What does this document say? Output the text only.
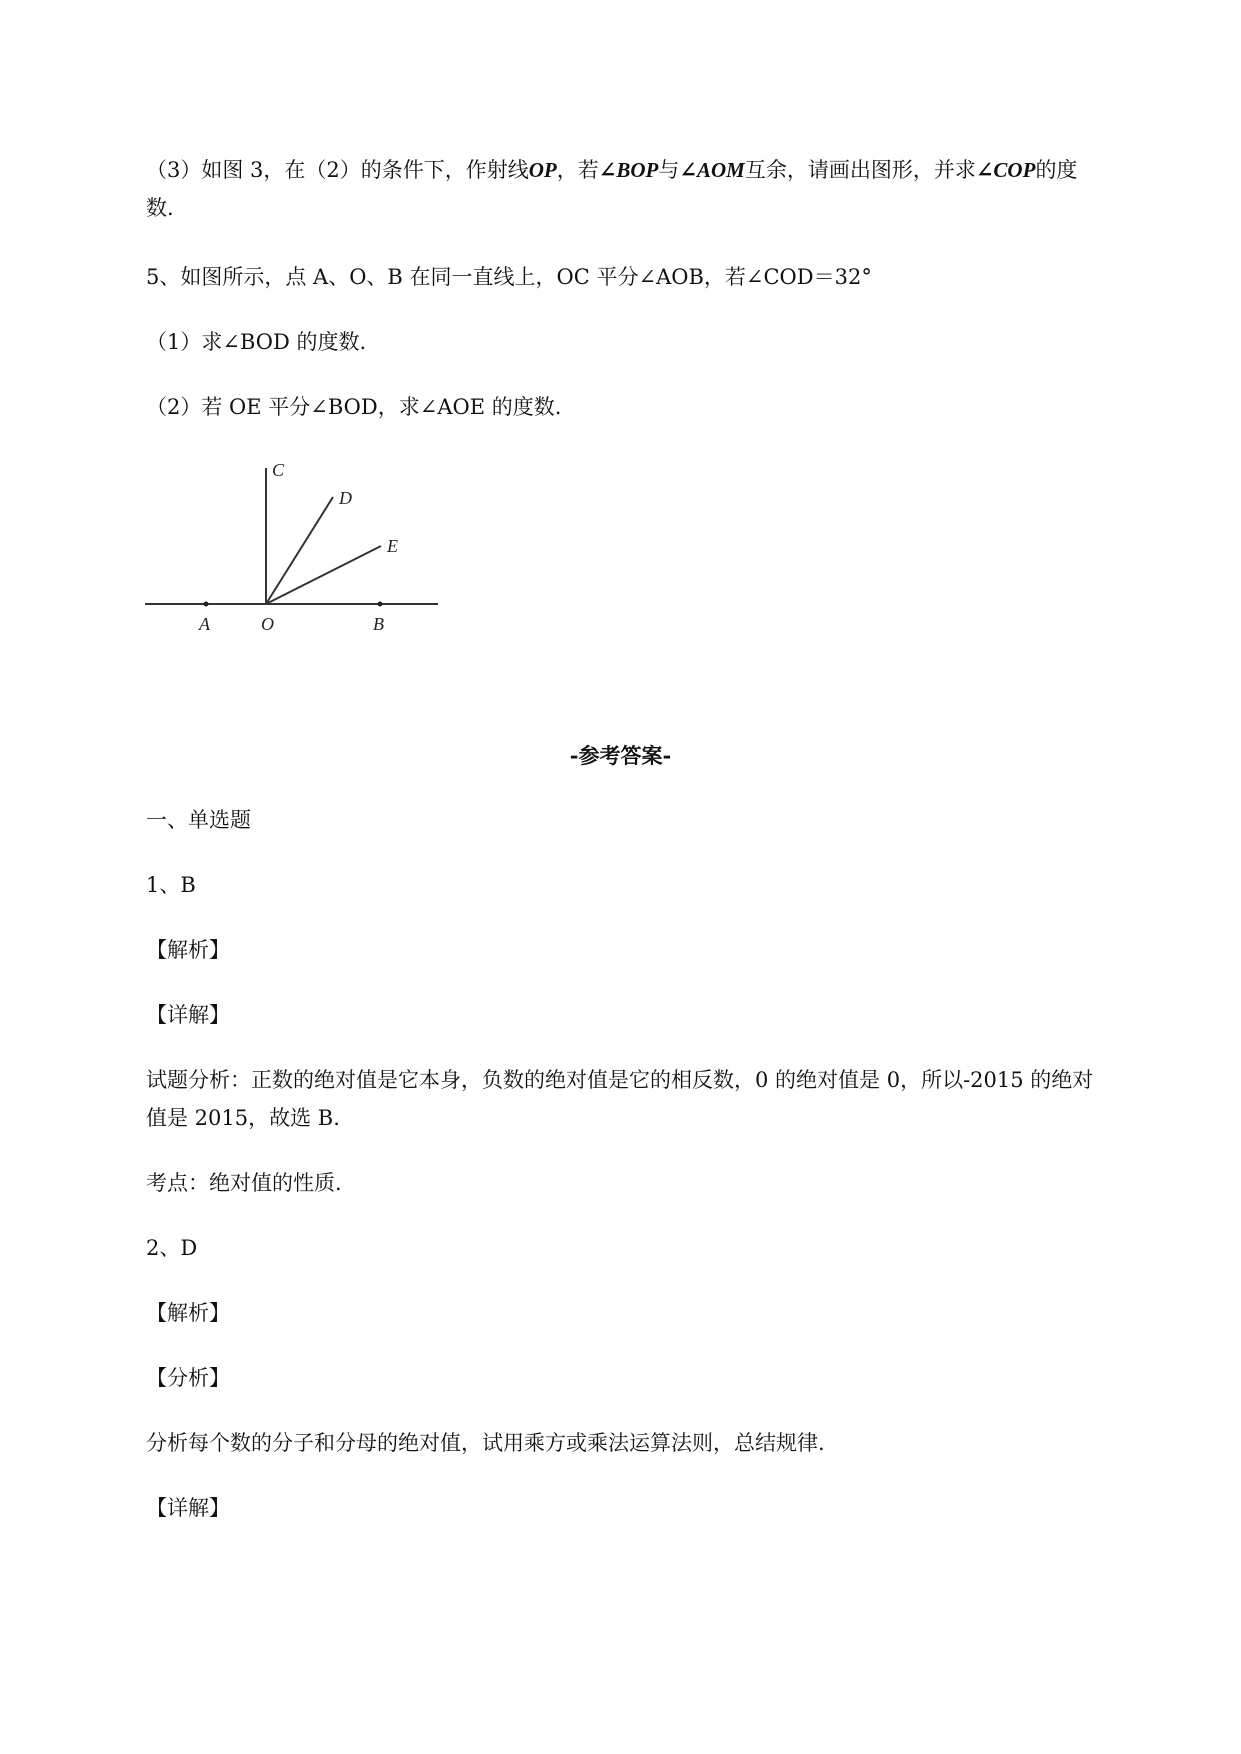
（3）如图 3，在（2）的条件下，作射线OP，若∠BOP与∠AOM互余，请画出图形，并求∠COP的度
数.
5、如图所示，点 A、O、B 在同一直线上，OC 平分∠AOB，若∠COD＝32°
（1）求∠BOD 的度数.
（2）若 OE 平分∠BOD，求∠AOE 的度数.
C
D
E
A	O	B
-参考答案-
一、单选题
1、B
【解析】
【详解】
试题分析：正数的绝对值是它本身，负数的绝对值是它的相反数，0 的绝对值是 0，所以-2015 的绝对
值是 2015，故选 B.
考点：绝对值的性质.
2、D
【解析】
【分析】
分析每个数的分子和分母的绝对值，试用乘方或乘法运算法则，总结规律.
【详解】
